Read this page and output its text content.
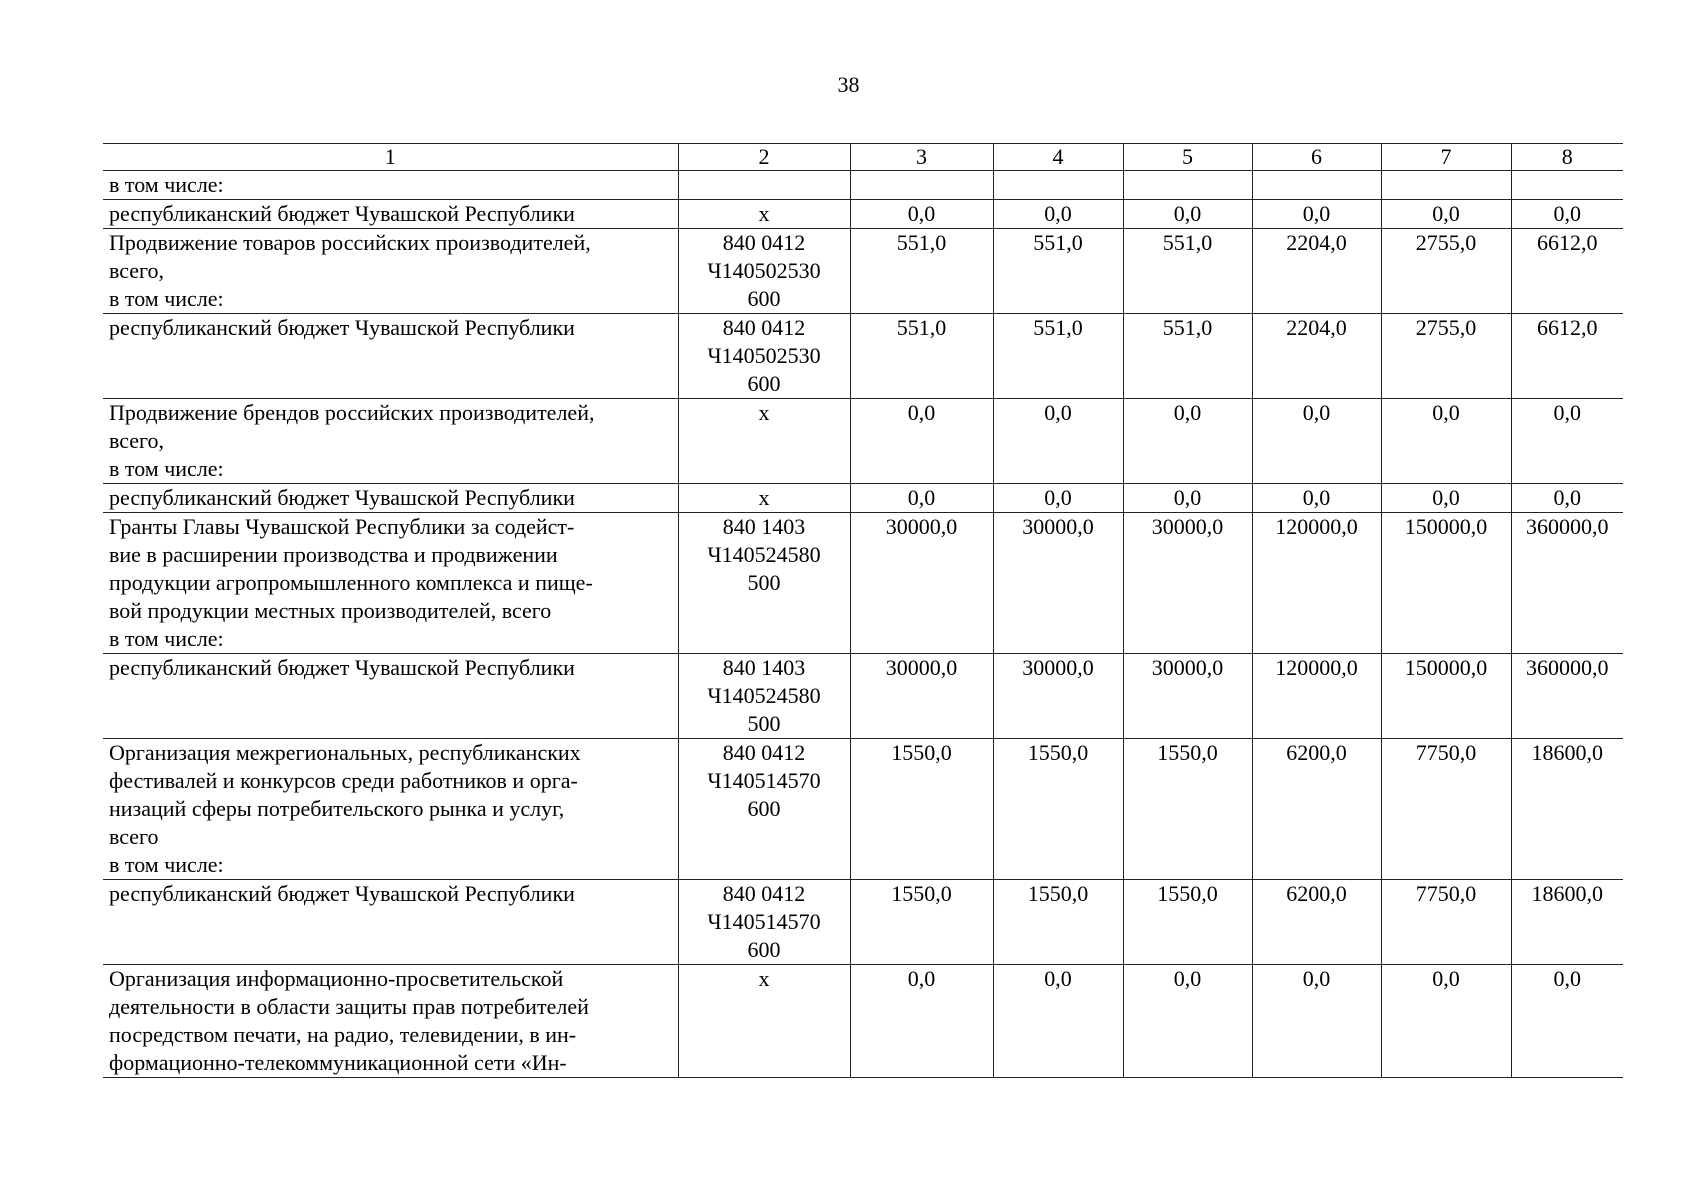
38
1	2	3	4	5	6	7	8

в том числе:							

республиканский бюджет Чувашской Республики	х	0,0	0,0	0,0	0,0	0,0	0,0

Продвижение товаров российских производителей,
всего,
в том числе:	840 0412
Ч140502530
600	551,0	551,0	551,0	2204,0	2755,0	6612,0

республиканский бюджет Чувашской Республики	840 0412
Ч140502530
600	551,0	551,0	551,0	2204,0	2755,0	6612,0

Продвижение брендов российских производителей,
всего,
в том числе:	х	0,0	0,0	0,0	0,0	0,0	0,0

республиканский бюджет Чувашской Республики	х	0,0	0,0	0,0	0,0	0,0	0,0

Гранты Главы Чувашской Республики за содейст-
вие в расширении производства и продвижении
продукции агропромышленного комплекса и пище-
вой продукции местных производителей, всего
в том числе:	840 1403
Ч140524580
500	30000,0	30000,0	30000,0	120000,0	150000,0	360000,0

республиканский бюджет Чувашской Республики	840 1403
Ч140524580
500	30000,0	30000,0	30000,0	120000,0	150000,0	360000,0

Организация межрегиональных, республиканских
фестивалей и конкурсов среди работников и орга-
низаций сферы потребительского рынка и услуг,
всего
в том числе:	840 0412
Ч140514570
600	1550,0	1550,0	1550,0	6200,0	7750,0	18600,0

республиканский бюджет Чувашской Республики	840 0412
Ч140514570
600	1550,0	1550,0	1550,0	6200,0	7750,0	18600,0

Организация информационно-просветительской
деятельности в области защиты прав потребителей
посредством печати, на радио, телевидении, в ин-
формационно-телекоммуникационной сети «Ин-	х	0,0	0,0	0,0	0,0	0,0	0,0
